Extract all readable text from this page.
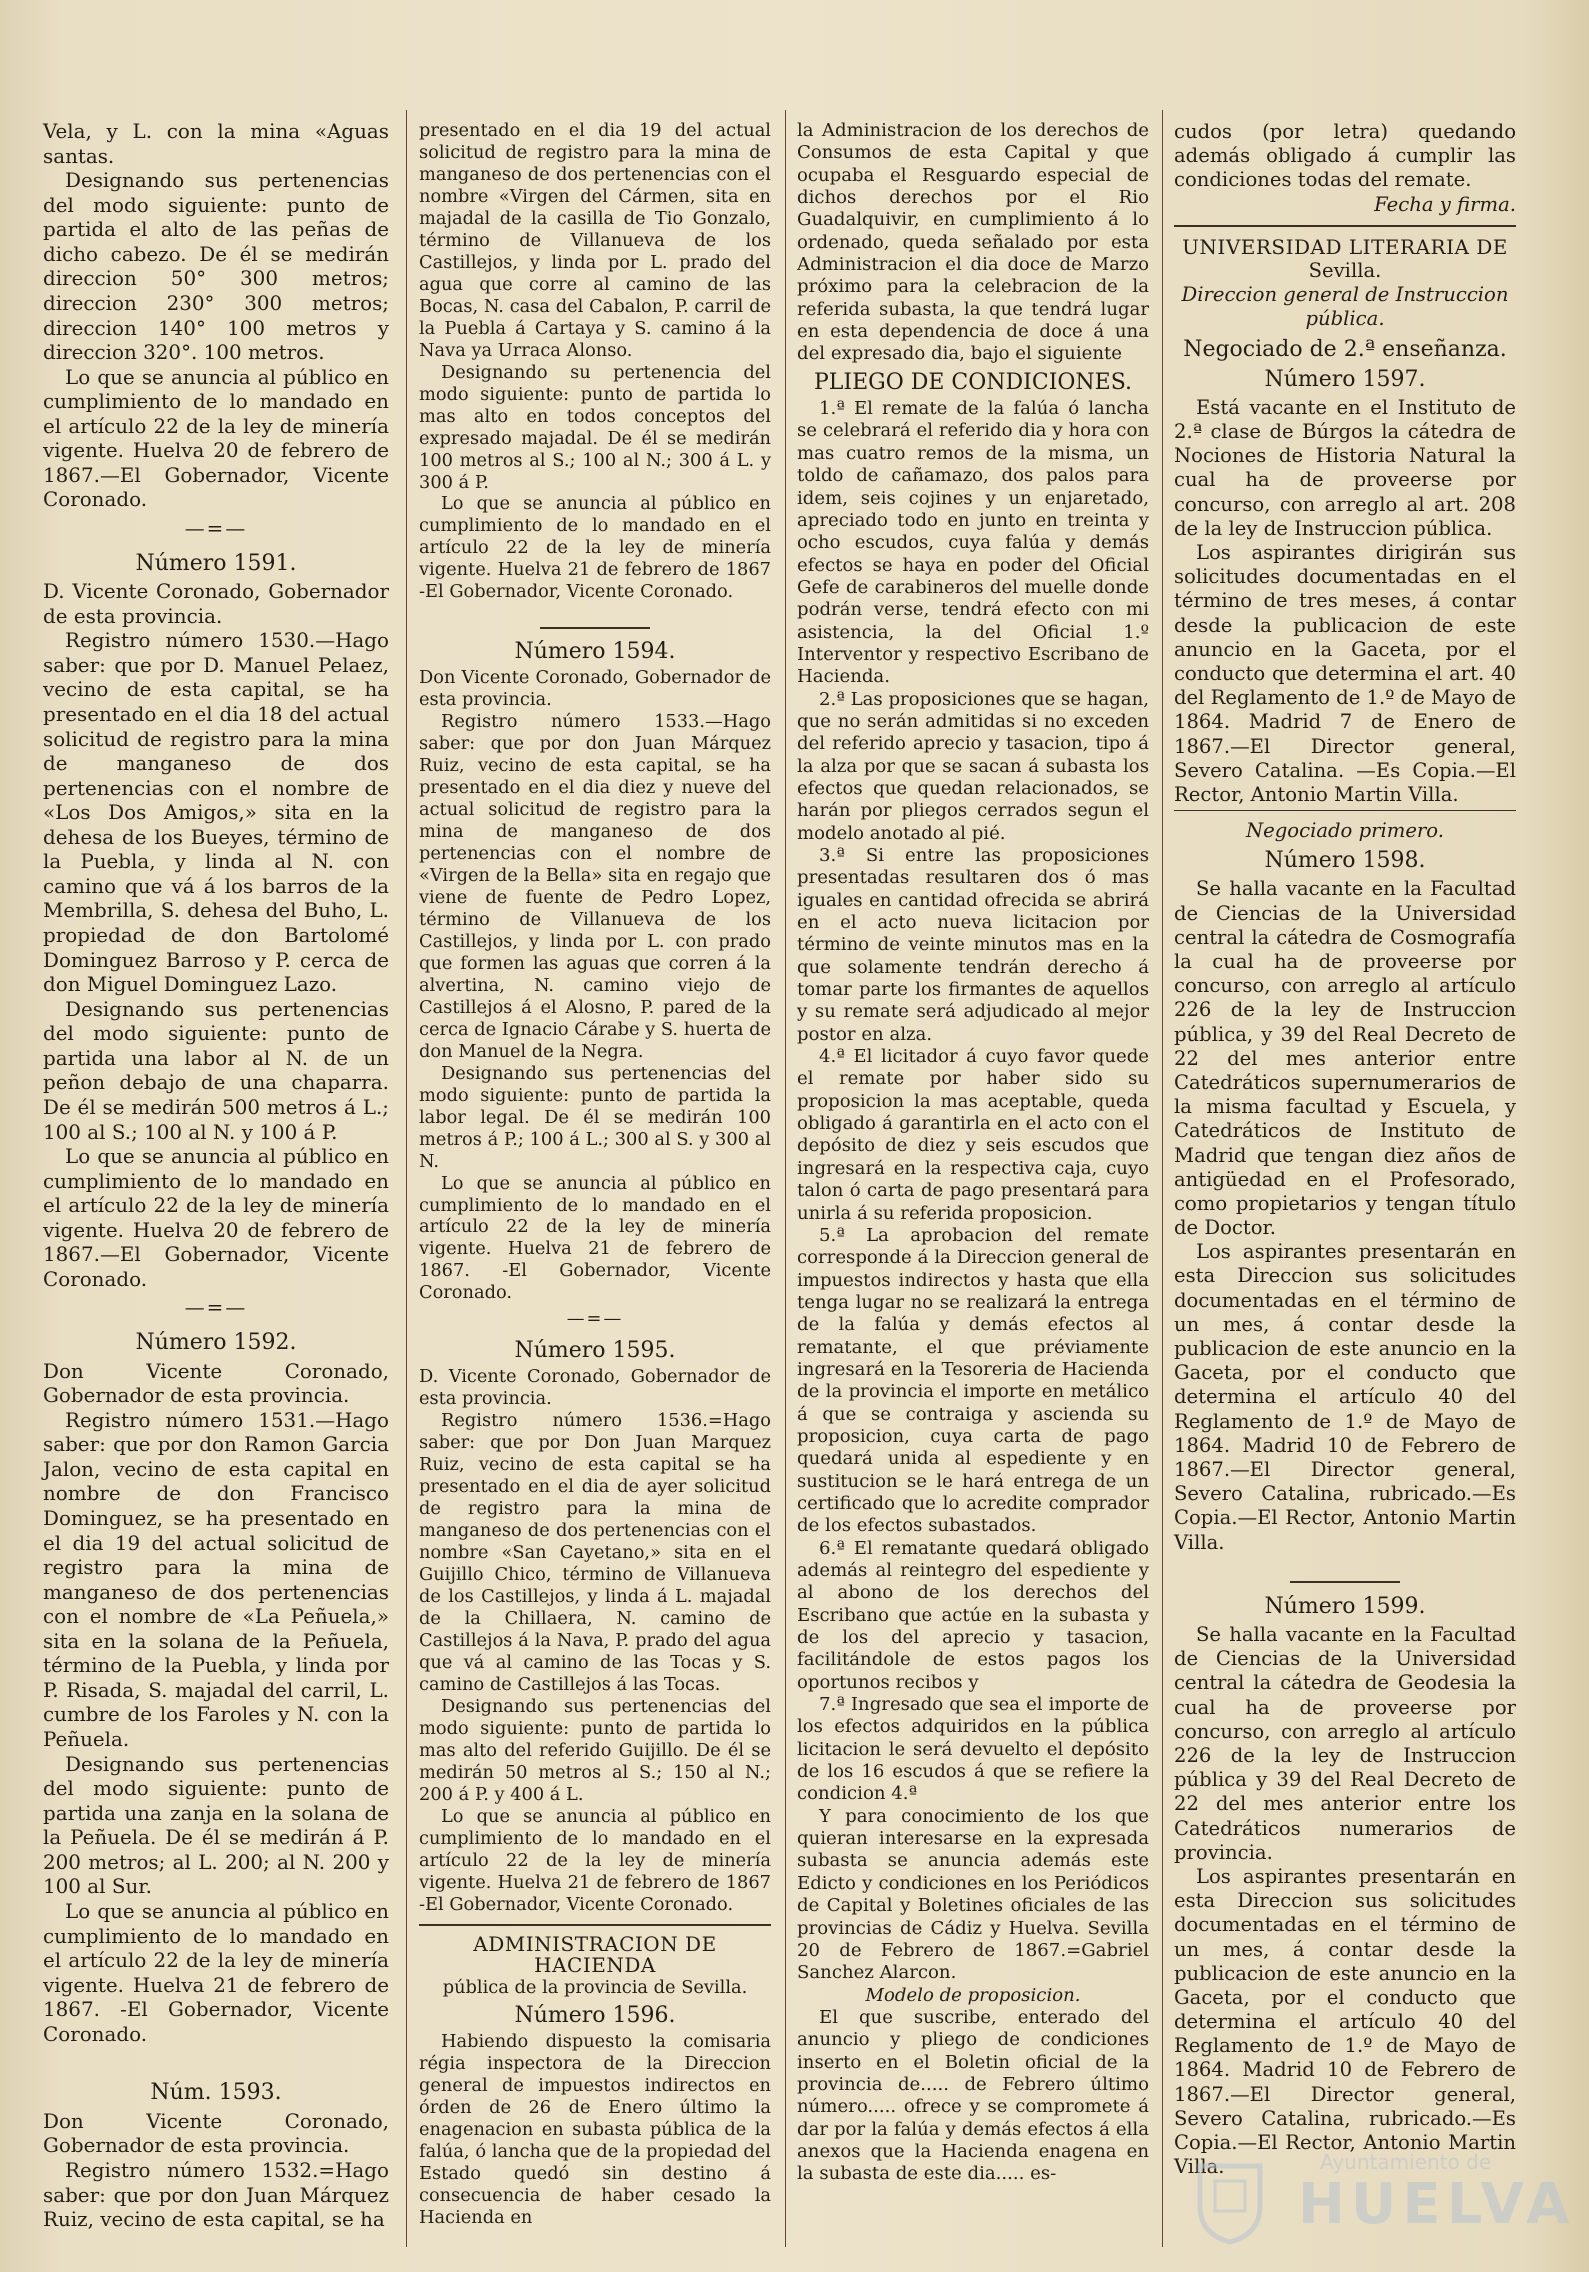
Vela, y L. con la mina «Aguas santas.

Designando sus pertenencias del modo siguiente: punto de partida el alto de las peñas de dicho cabezo. De él se medirán direccion 50° 300 metros; direccion 230° 300 metros; direccion 140° 100 metros y direccion 320°. 100 metros.

Lo que se anuncia al público en cumplimiento de lo mandado en el artículo 22 de la ley de minería vigente. Huelva 20 de febrero de 1867.—El Gobernador, Vicente Coronado.

—=—

Número 1591.

D. Vicente Coronado, Gobernador de esta provincia.

Registro número 1530.—Hago saber: que por D. Manuel Pelaez, vecino de esta capital, se ha presentado en el dia 18 del actual solicitud de registro para la mina de manganeso de dos pertenencias con el nombre de «Los Dos Amigos,» sita en la dehesa de los Bueyes, término de la Puebla, y linda al N. con camino que vá á los barros de la Membrilla, S. dehesa del Buho, L. propiedad de don Bartolomé Dominguez Barroso y P. cerca de don Miguel Dominguez Lazo.

Designando sus pertenencias del modo siguiente: punto de partida una labor al N. de un peñon debajo de una chaparra. De él se medirán 500 metros á L.; 100 al S.; 100 al N. y 100 á P.

Lo que se anuncia al público en cumplimiento de lo mandado en el artículo 22 de la ley de minería vigente. Huelva 20 de febrero de 1867.—El Gobernador, Vicente Coronado.

—=—

Número 1592.

Don Vicente Coronado, Gobernador de esta provincia.

Registro número 1531.—Hago saber: que por don Ramon Garcia Jalon, vecino de esta capital en nombre de don Francisco Dominguez, se ha presentado en el dia 19 del actual solicitud de registro para la mina de manganeso de dos pertenencias con el nombre de «La Peñuela,» sita en la solana de la Peñuela, término de la Puebla, y linda por P. Risada, S. majadal del carril, L. cumbre de los Faroles y N. con la Peñuela.

Designando sus pertenencias del modo siguiente: punto de partida una zanja en la solana de la Peñuela. De él se medirán á P. 200 metros; al L. 200; al N. 200 y 100 al Sur.

Lo que se anuncia al público en cumplimiento de lo mandado en el artículo 22 de la ley de minería vigente. Huelva 21 de febrero de 1867. -El Gobernador, Vicente Coronado.

Núm. 1593.

Don Vicente Coronado, Gobernador de esta provincia.

Registro número 1532.=Hago saber: que por don Juan Márquez Ruiz, vecino de esta capital, se ha

presentado en el dia 19 del actual solicitud de registro para la mina de manganeso de dos pertenencias con el nombre «Virgen del Cármen, sita en majadal de la casilla de Tio Gonzalo, término de Villanueva de los Castillejos, y linda por L. prado del agua que corre al camino de las Bocas, N. casa del Cabalon, P. carril de la Puebla á Cartaya y S. camino á la Nava ya Urraca Alonso.

Designando su pertenencia del modo siguiente: punto de partida lo mas alto en todos conceptos del expresado majadal. De él se medirán 100 metros al S.; 100 al N.; 300 á L. y 300 á P.

Lo que se anuncia al público en cumplimiento de lo mandado en el artículo 22 de la ley de minería vigente. Huelva 21 de febrero de 1867 -El Gobernador, Vicente Coronado.

Número 1594.

Don Vicente Coronado, Gobernador de esta provincia.

Registro número 1533.—Hago saber: que por don Juan Márquez Ruiz, vecino de esta capital, se ha presentado en el dia diez y nueve del actual solicitud de registro para la mina de manganeso de dos pertenencias con el nombre de «Virgen de la Bella» sita en regajo que viene de fuente de Pedro Lopez, término de Villanueva de los Castillejos, y linda por L. con prado que formen las aguas que corren á la alvertina, N. camino viejo de Castillejos á el Alosno, P. pared de la cerca de Ignacio Cárabe y S. huerta de don Manuel de la Negra.

Designando sus pertenencias del modo siguiente: punto de partida la labor legal. De él se medirán 100 metros á P.; 100 á L.; 300 al S. y 300 al N.

Lo que se anuncia al público en cumplimiento de lo mandado en el artículo 22 de la ley de minería vigente. Huelva 21 de febrero de 1867. -El Gobernador, Vicente Coronado.

—=—

Número 1595.

D. Vicente Coronado, Gobernador de esta provincia.

Registro número 1536.=Hago saber: que por Don Juan Marquez Ruiz, vecino de esta capital se ha presentado en el dia de ayer solicitud de registro para la mina de manganeso de dos pertenencias con el nombre «San Cayetano,» sita en el Guijillo Chico, término de Villanueva de los Castillejos, y linda á L. majadal de la Chillaera, N. camino de Castillejos á la Nava, P. prado del agua que vá al camino de las Tocas y S. camino de Castillejos á las Tocas.

Designando sus pertenencias del modo siguiente: punto de partida lo mas alto del referido Guijillo. De él se medirán 50 metros al S.; 150 al N.; 200 á P. y 400 á L.

Lo que se anuncia al público en cumplimiento de lo mandado en el artículo 22 de la ley de minería vigente. Huelva 21 de febrero de 1867 -El Gobernador, Vicente Coronado.

ADMINISTRACION DE HACIENDA

pública de la provincia de Sevilla.

Número 1596.

Habiendo dispuesto la comisaria régia inspectora de la Direccion general de impuestos indirectos en órden de 26 de Enero último la enagenacion en subasta pública de la falúa, ó lancha que de la propiedad del Estado quedó sin destino á consecuencia de haber cesado la Hacienda en

la Administracion de los derechos de Consumos de esta Capital y que ocupaba el Resguardo especial de dichos derechos por el Rio Guadalquivir, en cumplimiento á lo ordenado, queda señalado por esta Administracion el dia doce de Marzo próximo para la celebracion de la referida subasta, la que tendrá lugar en esta dependencia de doce á una del expresado dia, bajo el siguiente

PLIEGO DE CONDICIONES.

1.ª El remate de la falúa ó lancha se celebrará el referido dia y hora con mas cuatro remos de la misma, un toldo de cañamazo, dos palos para idem, seis cojines y un enjaretado, apreciado todo en junto en treinta y ocho escudos, cuya falúa y demás efectos se haya en poder del Oficial Gefe de carabineros del muelle donde podrán verse, tendrá efecto con mi asistencia, la del Oficial 1.º Interventor y respectivo Escribano de Hacienda.

2.ª Las proposiciones que se hagan, que no serán admitidas si no exceden del referido aprecio y tasacion, tipo á la alza por que se sacan á subasta los efectos que quedan relacionados, se harán por pliegos cerrados segun el modelo anotado al pié.

3.ª Si entre las proposiciones presentadas resultaren dos ó mas iguales en cantidad ofrecida se abrirá en el acto nueva licitacion por término de veinte minutos mas en la que solamente tendrán derecho á tomar parte los firmantes de aquellos y su remate será adjudicado al mejor postor en alza.

4.ª El licitador á cuyo favor quede el remate por haber sido su proposicion la mas aceptable, queda obligado á garantirla en el acto con el depósito de diez y seis escudos que ingresará en la respectiva caja, cuyo talon ó carta de pago presentará para unirla á su referida proposicion.

5.ª La aprobacion del remate corresponde á la Direccion general de impuestos indirectos y hasta que ella tenga lugar no se realizará la entrega de la falúa y demás efectos al rematante, el que préviamente ingresará en la Tesoreria de Hacienda de la provincia el importe en metálico á que se contraiga y asciendа su proposicion, cuya carta de pago quedará unida al espediente y en sustitucion se le hará entrega de un certificado que lo acredite comprador de los efectos subastados.

6.ª El rematante quedará obligado además al reintegro del espediente y al abono de los derechos del Escribano que actúe en la subasta y de los del aprecio y tasacion, facilitándole de estos pagos los oportunos recibos y

7.ª Ingresado que sea el importe de los efectos adquiridos en la pública licitacion le será devuelto el depósito de los 16 escudos á que se refiere la condicion 4.ª

Y para conocimiento de los que quieran interesarse en la expresada subasta se anuncia además este Edicto y condiciones en los Periódicos de Capital y Boletines oficiales de las provincias de Cádiz y Huelva. Sevilla 20 de Febrero de 1867.=Gabriel Sanchez Alarcon.

Modelo de proposicion.

El que suscribe, enterado del anuncio y pliego de condiciones inserto en el Boletin oficial de la provincia de..... de Febrero último número..... ofrece y se compromete á dar por la falúa y demás efectos á ella anexos que la Hacienda enagena en la subasta de este dia..... es-

cudos (por letra) quedando además obligado á cumplir las condiciones todas del remate.

Fecha y firma.

UNIVERSIDAD LITERARIA DE

Sevilla.

Direccion general de Instruccion pública.

Negociado de 2.ª enseñanza.

Número 1597.

Está vacante en el Instituto de 2.ª clase de Búrgos la cátedra de Nociones de Historia Natural la cual ha de proveerse por concurso, con arreglo al art. 208 de la ley de Instruccion pública.

Los aspirantes dirigirán sus solicitudes documentadas en el término de tres meses, á contar desde la publicacion de este anuncio en la Gaceta, por el conducto que determina el art. 40 del Reglamento de 1.º de Mayo de 1864. Madrid 7 de Enero de 1867.—El Director general, Severo Catalina. —Es Copia.—El Rector, Antonio Martin Villa.

Negociado primero.

Número 1598.

Se halla vacante en la Facultad de Ciencias de la Universidad central la cátedra de Cosmografía la cual ha de proveerse por concurso, con arreglo al artículo 226 de la ley de Instruccion pública, y 39 del Real Decreto de 22 del mes anterior entre Catedráticos supernumerarios de la misma facultad y Escuela, y Catedráticos de Instituto de Madrid que tengan diez años de antigüedad en el Profesorado, como propietarios y tengan título de Doctor.

Los aspirantes presentarán en esta Direccion sus solicitudes documentadas en el término de un mes, á contar desde la publicacion de este anuncio en la Gaceta, por el conducto que determina el artículo 40 del Reglamento de 1.º de Mayo de 1864. Madrid 10 de Febrero de 1867.—El Director general, Severo Catalina, rubricado.—Es Copia.—El Rector, Antonio Martin Villa.

Número 1599.

Se halla vacante en la Facultad de Ciencias de la Universidad central la cátedra de Geodesia la cual ha de proveerse por concurso, con arreglo al artículo 226 de la ley de Instruccion pública y 39 del Real Decreto de 22 del mes anterior entre los Catedráticos numerarios de provincia.

Los aspirantes presentarán en esta Direccion sus solicitudes documentadas en el término de un mes, á contar desde la publicacion de este anuncio en la Gaceta, por el conducto que determina el artículo 40 del Reglamento de 1.º de Mayo de 1864. Madrid 10 de Febrero de 1867.—El Director general, Severo Catalina, rubricado.—Es Copia.—El Rector, Antonio Martin Villa.	Ayuntamiento de
HUELVA
